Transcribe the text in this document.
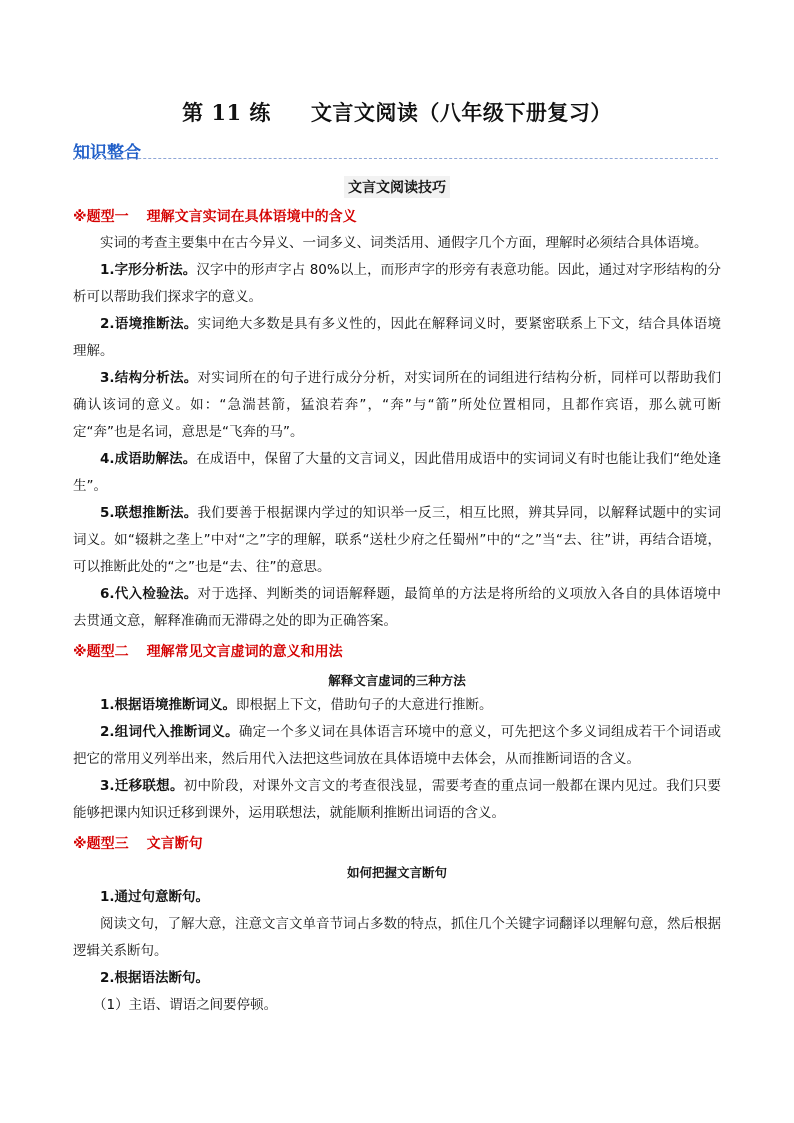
第 11 练 文言文阅读（八年级下册复习）
知识整合
文言文阅读技巧
※题型一 理解文言实词在具体语境中的含义
实词的考查主要集中在古今异义、一词多义、词类活用、通假字几个方面，理解时必须结合具体语境。
1.字形分析法。汉字中的形声字占 80%以上，而形声字的形旁有表意功能。因此，通过对字形结构的分析可以帮助我们探求字的意义。
2.语境推断法。实词绝大多数是具有多义性的，因此在解释词义时，要紧密联系上下文，结合具体语境理解。
3.结构分析法。对实词所在的句子进行成分分析，对实词所在的词组进行结构分析，同样可以帮助我们确认该词的意义。如：“急湍甚箭，猛浪若奔”，“奔”与“箭”所处位置相同，且都作宾语，那么就可断定“奔”也是名词，意思是“飞奔的马”。
4.成语助解法。在成语中，保留了大量的文言词义，因此借用成语中的实词词义有时也能让我们“绝处逢生”。
5.联想推断法。我们要善于根据课内学过的知识举一反三，相互比照，辨其异同，以解释试题中的实词词义。如“辍耕之垄上”中对“之”字的理解，联系“送杜少府之任蜀州”中的“之”当“去、往”讲，再结合语境，可以推断此处的“之”也是“去、往”的意思。
6.代入检验法。对于选择、判断类的词语解释题，最简单的方法是将所给的义项放入各自的具体语境中去贯通文意，解释准确而无滞碍之处的即为正确答案。
※题型二 理解常见文言虚词的意义和用法
解释文言虚词的三种方法
1.根据语境推断词义。即根据上下文，借助句子的大意进行推断。
2.组词代入推断词义。确定一个多义词在具体语言环境中的意义，可先把这个多义词组成若干个词语或把它的常用义列举出来，然后用代入法把这些词放在具体语境中去体会，从而推断词语的含义。
3.迁移联想。初中阶段，对课外文言文的考查很浅显，需要考查的重点词一般都在课内见过。我们只要能够把课内知识迁移到课外，运用联想法，就能顺利推断出词语的含义。
※题型三 文言断句
如何把握文言断句
1.通过句意断句。
阅读文句，了解大意，注意文言文单音节词占多数的特点，抓住几个关键字词翻译以理解句意，然后根据逻辑关系断句。
2.根据语法断句。
（1）主语、谓语之间要停顿。
